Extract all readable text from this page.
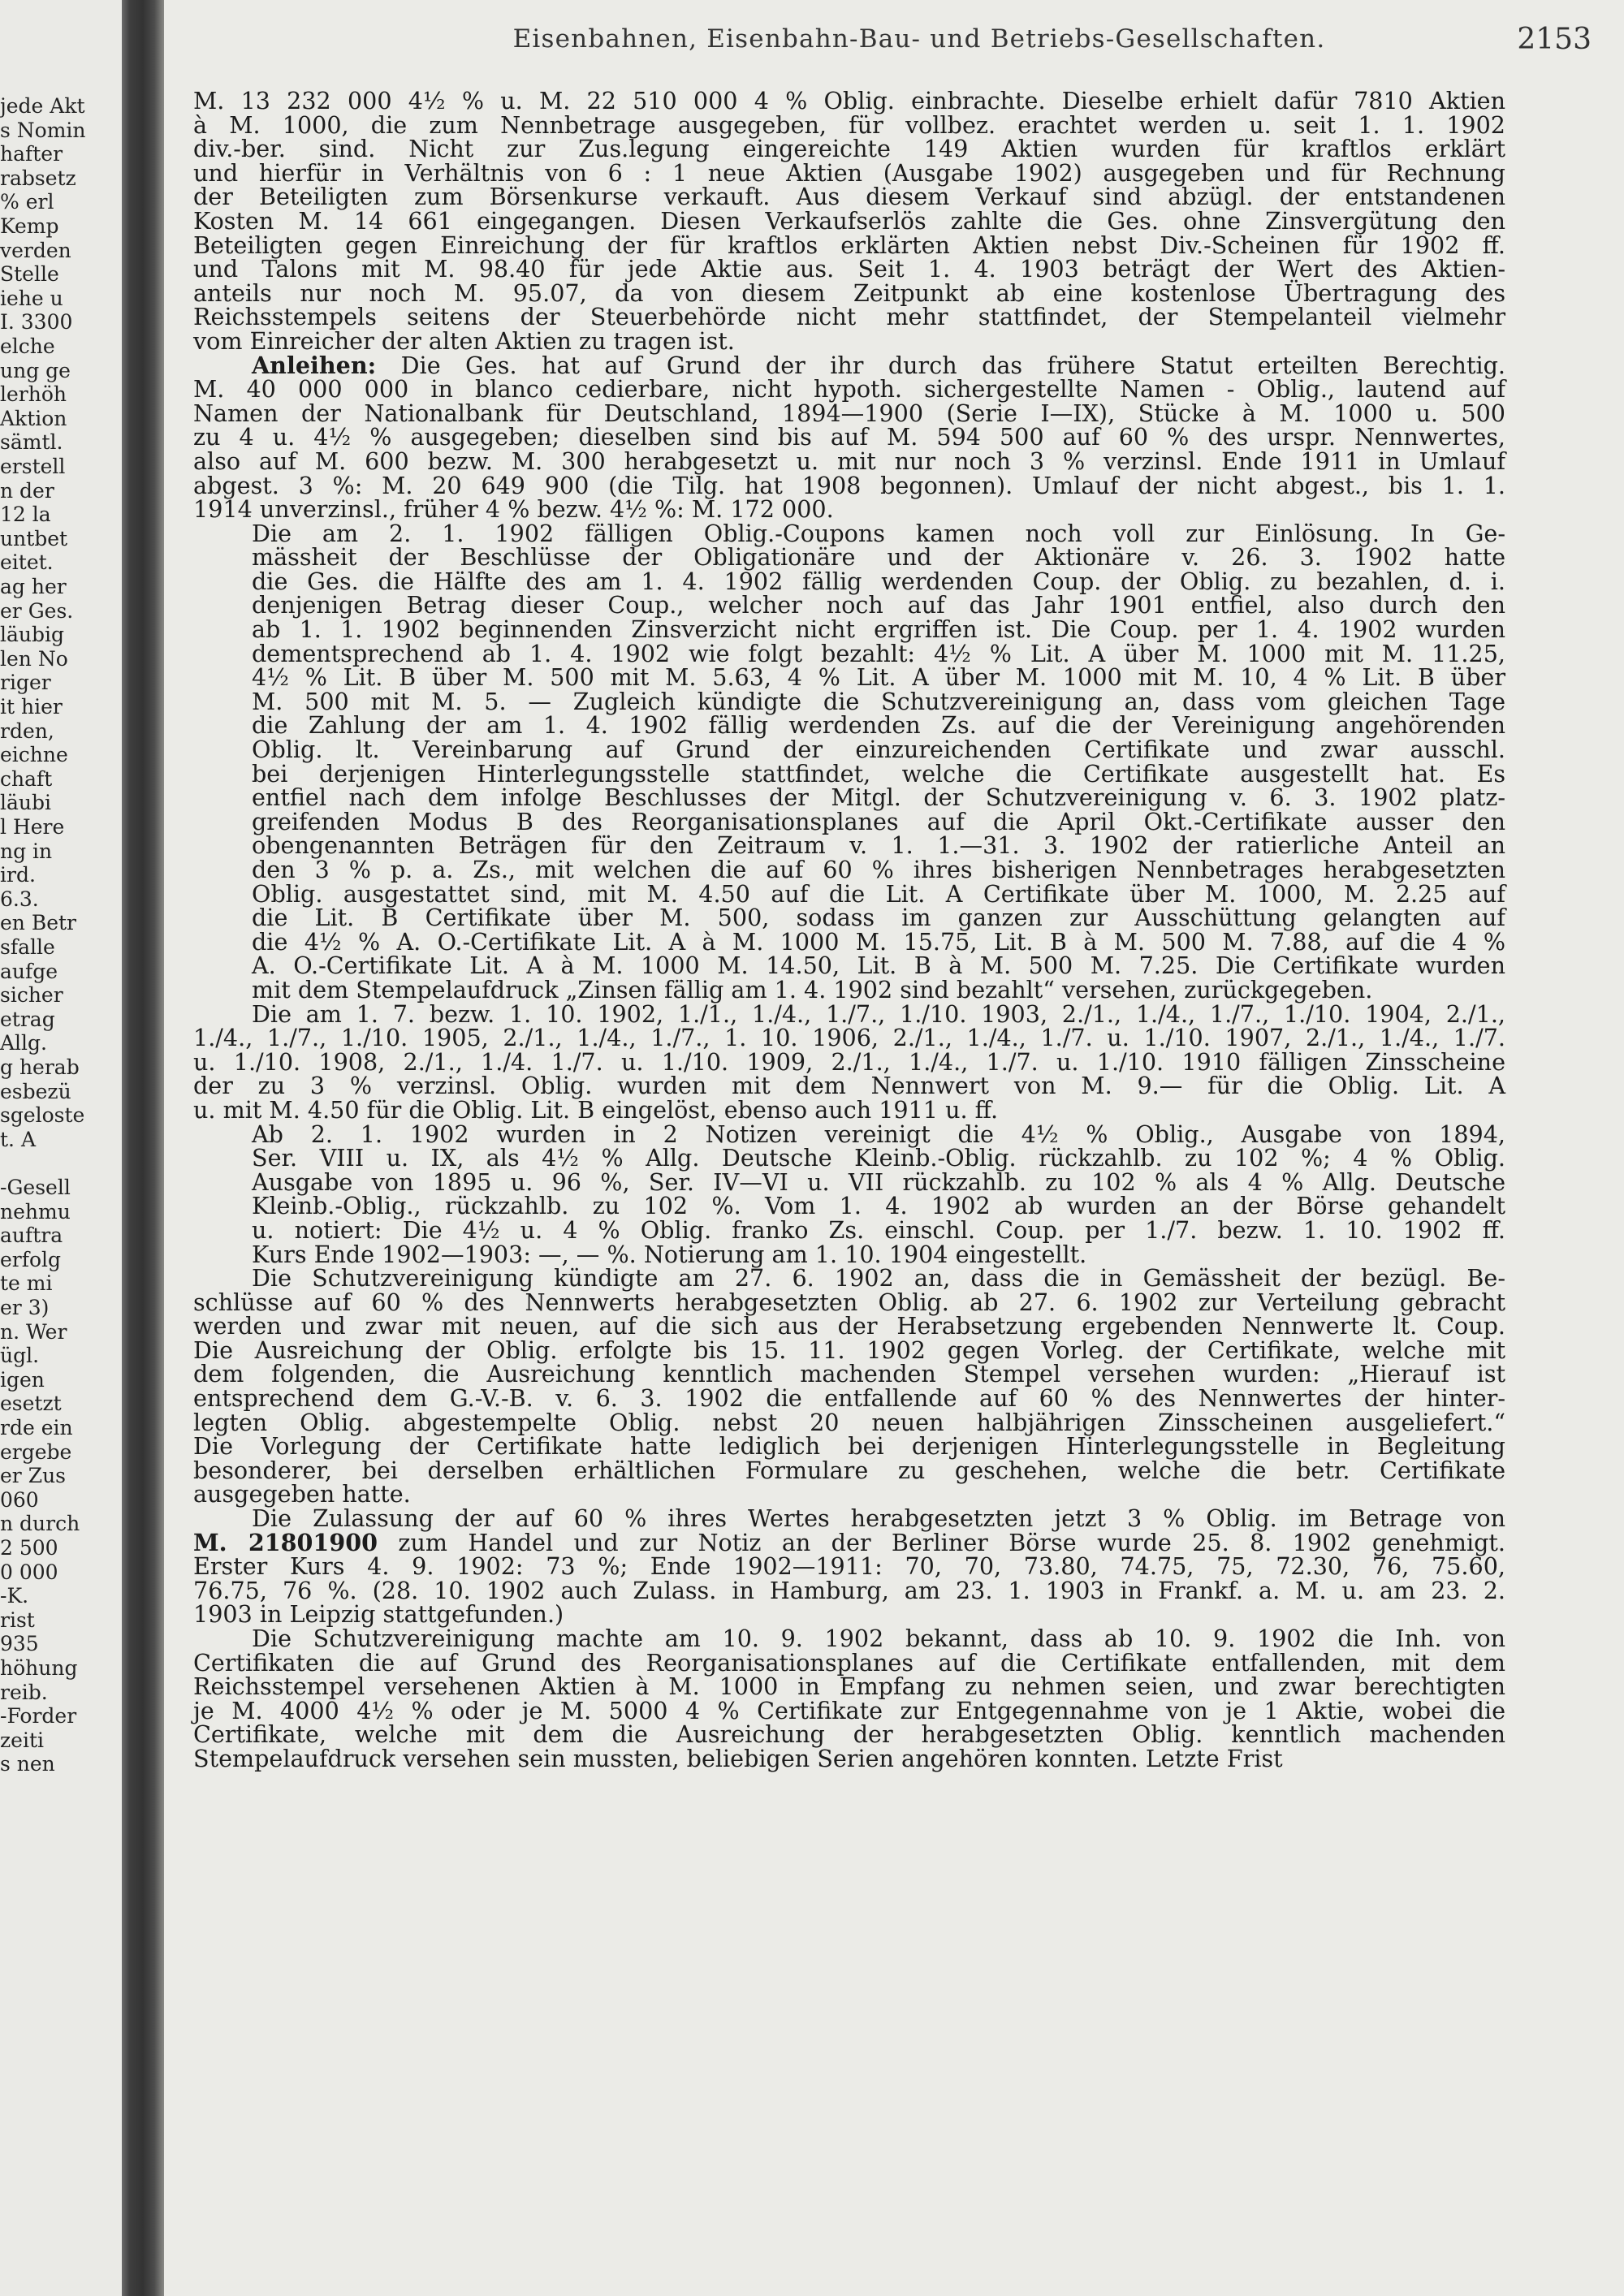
jede Akt
s Nomin
hafter
rabsetz
% erl
Kemp
verden
Stelle
iehe u
I. 3300
elche
ung ge
lerhöh
Aktion
sämtl.
erstell
n der
12 la
untbet
eitet.
ag her
er Ges.
läubig
len No
riger
it hier
rden,
eichne
chaft
läubi
l Here
ng in
ird.
6.3.
en Betr
sfalle
aufge
sicher
etrag
Allg.
g herab
esbezü
sgeloste
t. A
-Gesell
nehmu
auftra
erfolg
te mi
er 3)
n. Wer
ügl.
igen
esetzt
rde ein
ergebe
er Zus
060
n durch
2 500
0 000
-K.
rist
935
höhung
reib.
-Forder
zeiti
s nen
Eisenbahnen, Eisenbahn-Bau- und Betriebs-Gesellschaften.	2153
M. 13 232 000 4½ % u. M. 22 510 000 4 % Oblig. einbrachte. Dieselbe erhielt dafür 7810 Aktien
à M. 1000, die zum Nennbetrage ausgegeben, für vollbez. erachtet werden u. seit 1. 1. 1902
div.-ber. sind. Nicht zur Zus.legung eingereichte 149 Aktien wurden für kraftlos erklärt
und hierfür in Verhältnis von 6 : 1 neue Aktien (Ausgabe 1902) ausgegeben und für Rechnung
der Beteiligten zum Börsenkurse verkauft. Aus diesem Verkauf sind abzügl. der entstandenen
Kosten M. 14 661 eingegangen. Diesen Verkaufserlös zahlte die Ges. ohne Zinsvergütung den
Beteiligten gegen Einreichung der für kraftlos erklärten Aktien nebst Div.-Scheinen für 1902 ff.
und Talons mit M. 98.40 für jede Aktie aus. Seit 1. 4. 1903 beträgt der Wert des Aktien-
anteils nur noch M. 95.07, da von diesem Zeitpunkt ab eine kostenlose Übertragung des
Reichsstempels seitens der Steuerbehörde nicht mehr stattfindet, der Stempelanteil vielmehr
vom Einreicher der alten Aktien zu tragen ist.
Anleihen: Die Ges. hat auf Grund der ihr durch das frühere Statut erteilten Berechtig.
M. 40 000 000 in blanco cedierbare, nicht hypoth. sichergestellte Namen - Oblig., lautend auf
Namen der Nationalbank für Deutschland, 1894—1900 (Serie I—IX), Stücke à M. 1000 u. 500
zu 4 u. 4½ % ausgegeben; dieselben sind bis auf M. 594 500 auf 60 % des urspr. Nennwertes,
also auf M. 600 bezw. M. 300 herabgesetzt u. mit nur noch 3 % verzinsl. Ende 1911 in Umlauf
abgest. 3 %: M. 20 649 900 (die Tilg. hat 1908 begonnen). Umlauf der nicht abgest., bis 1. 1.
1914 unverzinsl., früher 4 % bezw. 4½ %: M. 172 000.
Die am 2. 1. 1902 fälligen Oblig.-Coupons kamen noch voll zur Einlösung. In Ge-
mässheit der Beschlüsse der Obligationäre und der Aktionäre v. 26. 3. 1902 hatte
die Ges. die Hälfte des am 1. 4. 1902 fällig werdenden Coup. der Oblig. zu bezahlen, d. i.
denjenigen Betrag dieser Coup., welcher noch auf das Jahr 1901 entfiel, also durch den
ab 1. 1. 1902 beginnenden Zinsverzicht nicht ergriffen ist. Die Coup. per 1. 4. 1902 wurden
dementsprechend ab 1. 4. 1902 wie folgt bezahlt: 4½ % Lit. A über M. 1000 mit M. 11.25,
4½ % Lit. B über M. 500 mit M. 5.63, 4 % Lit. A über M. 1000 mit M. 10, 4 % Lit. B über
M. 500 mit M. 5. — Zugleich kündigte die Schutzvereinigung an, dass vom gleichen Tage
die Zahlung der am 1. 4. 1902 fällig werdenden Zs. auf die der Vereinigung angehörenden
Oblig. lt. Vereinbarung auf Grund der einzureichenden Certifikate und zwar ausschl.
bei derjenigen Hinterlegungsstelle stattfindet, welche die Certifikate ausgestellt hat. Es
entfiel nach dem infolge Beschlusses der Mitgl. der Schutzvereinigung v. 6. 3. 1902 platz-
greifenden Modus B des Reorganisationsplanes auf die April Okt.-Certifikate ausser den
obengenannten Beträgen für den Zeitraum v. 1. 1.—31. 3. 1902 der ratierliche Anteil an
den 3 % p. a. Zs., mit welchen die auf 60 % ihres bisherigen Nennbetrages herabgesetzten
Oblig. ausgestattet sind, mit M. 4.50 auf die Lit. A Certifikate über M. 1000, M. 2.25 auf
die Lit. B Certifikate über M. 500, sodass im ganzen zur Ausschüttung gelangten auf
die 4½ % A. O.-Certifikate Lit. A à M. 1000 M. 15.75, Lit. B à M. 500 M. 7.88, auf die 4 %
A. O.-Certifikate Lit. A à M. 1000 M. 14.50, Lit. B à M. 500 M. 7.25. Die Certifikate wurden
mit dem Stempelaufdruck „Zinsen fällig am 1. 4. 1902 sind bezahlt“ versehen, zurückgegeben.
Die am 1. 7. bezw. 1. 10. 1902, 1./1., 1./4., 1./7., 1./10. 1903, 2./1., 1./4., 1./7., 1./10. 1904, 2./1.,
1./4., 1./7., 1./10. 1905, 2./1., 1./4., 1./7., 1. 10. 1906, 2./1., 1./4., 1./7. u. 1./10. 1907, 2./1., 1./4., 1./7.
u. 1./10. 1908, 2./1., 1./4. 1./7. u. 1./10. 1909, 2./1., 1./4., 1./7. u. 1./10. 1910 fälligen Zinsscheine
der zu 3 % verzinsl. Oblig. wurden mit dem Nennwert von M. 9.— für die Oblig. Lit. A
u. mit M. 4.50 für die Oblig. Lit. B eingelöst, ebenso auch 1911 u. ff.
Ab 2. 1. 1902 wurden in 2 Notizen vereinigt die 4½ % Oblig., Ausgabe von 1894,
Ser. VIII u. IX, als 4½ % Allg. Deutsche Kleinb.-Oblig. rückzahlb. zu 102 %; 4 % Oblig.
Ausgabe von 1895 u. 96 %, Ser. IV—VI u. VII rückzahlb. zu 102 % als 4 % Allg. Deutsche
Kleinb.-Oblig., rückzahlb. zu 102 %. Vom 1. 4. 1902 ab wurden an der Börse gehandelt
u. notiert: Die 4½ u. 4 % Oblig. franko Zs. einschl. Coup. per 1./7. bezw. 1. 10. 1902 ff.
Kurs Ende 1902—1903: —, — %. Notierung am 1. 10. 1904 eingestellt.
Die Schutzvereinigung kündigte am 27. 6. 1902 an, dass die in Gemässheit der bezügl. Be-
schlüsse auf 60 % des Nennwerts herabgesetzten Oblig. ab 27. 6. 1902 zur Verteilung gebracht
werden und zwar mit neuen, auf die sich aus der Herabsetzung ergebenden Nennwerte lt. Coup.
Die Ausreichung der Oblig. erfolgte bis 15. 11. 1902 gegen Vorleg. der Certifikate, welche mit
dem folgenden, die Ausreichung kenntlich machenden Stempel versehen wurden: „Hierauf ist
entsprechend dem G.-V.-B. v. 6. 3. 1902 die entfallende auf 60 % des Nennwertes der hinter-
legten Oblig. abgestempelte Oblig. nebst 20 neuen halbjährigen Zinsscheinen ausgeliefert.“
Die Vorlegung der Certifikate hatte lediglich bei derjenigen Hinterlegungsstelle in Begleitung
besonderer, bei derselben erhältlichen Formulare zu geschehen, welche die betr. Certifikate
ausgegeben hatte.
Die Zulassung der auf 60 % ihres Wertes herabgesetzten jetzt 3 % Oblig. im Betrage von
M. 21801900 zum Handel und zur Notiz an der Berliner Börse wurde 25. 8. 1902 genehmigt.
Erster Kurs 4. 9. 1902: 73 %; Ende 1902—1911: 70, 70, 73.80, 74.75, 75, 72.30, 76, 75.60,
76.75, 76 %. (28. 10. 1902 auch Zulass. in Hamburg, am 23. 1. 1903 in Frankf. a. M. u. am 23. 2.
1903 in Leipzig stattgefunden.)
Die Schutzvereinigung machte am 10. 9. 1902 bekannt, dass ab 10. 9. 1902 die Inh. von
Certifikaten die auf Grund des Reorganisationsplanes auf die Certifikate entfallenden, mit dem
Reichsstempel versehenen Aktien à M. 1000 in Empfang zu nehmen seien, und zwar berechtigten
je M. 4000 4½ % oder je M. 5000 4 % Certifikate zur Entgegennahme von je 1 Aktie, wobei die
Certifikate, welche mit dem die Ausreichung der herabgesetzten Oblig. kenntlich machenden
Stempelaufdruck versehen sein mussten, beliebigen Serien angehören konnten. Letzte Frist
